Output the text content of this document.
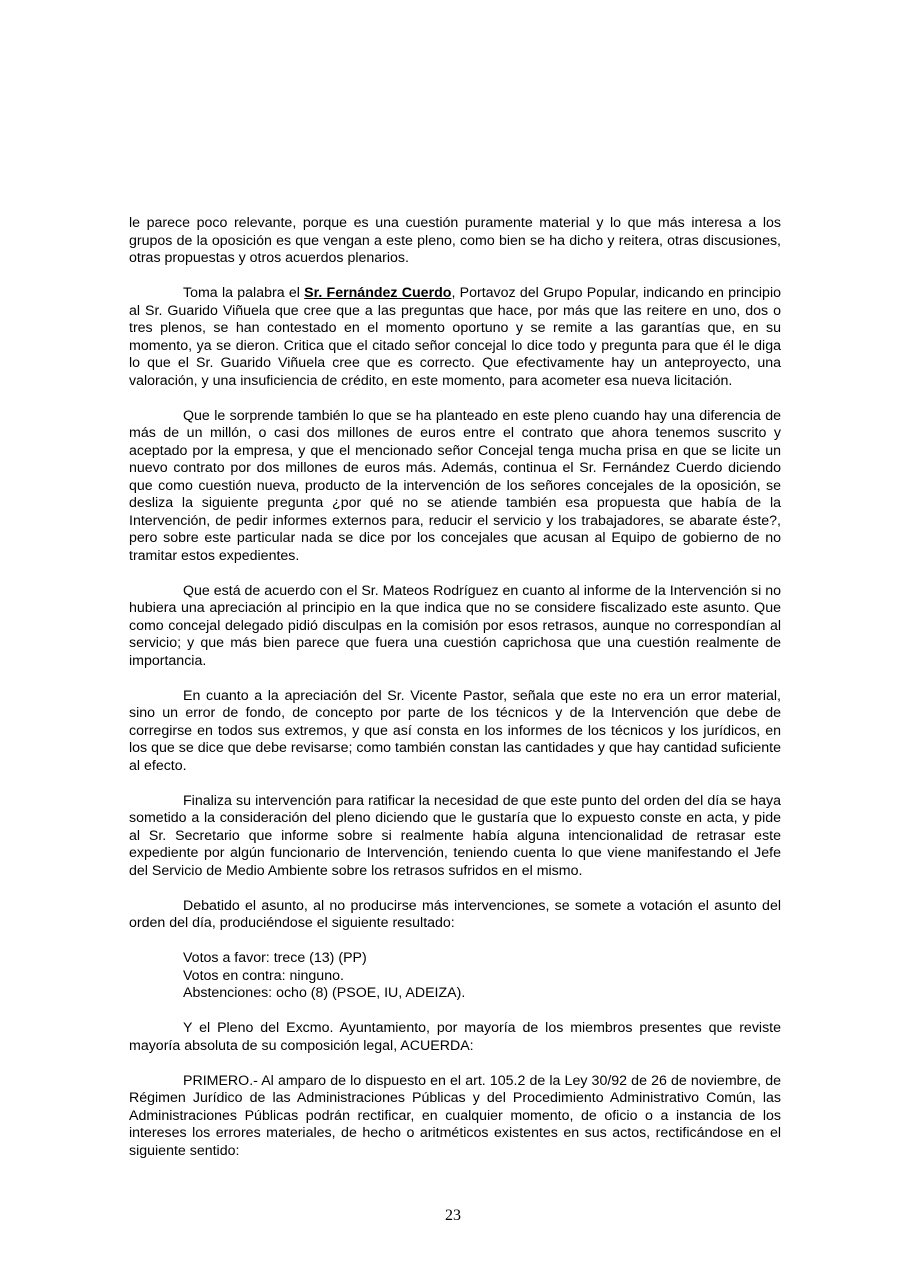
le parece poco relevante, porque es una cuestión puramente material y lo que más interesa a los grupos de la oposición es que vengan a este pleno, como bien se ha dicho y reitera, otras discusiones, otras propuestas y otros acuerdos plenarios.

Toma la palabra el Sr. Fernández Cuerdo, Portavoz del Grupo Popular, indicando en principio al Sr. Guarido Viñuela que cree que a las preguntas que hace, por más que las reitere en uno, dos o tres plenos, se han contestado en el momento oportuno y se remite a las garantías que, en su momento, ya se dieron. Critica que el citado señor concejal lo dice todo y pregunta para que él le diga lo que el Sr. Guarido Viñuela cree que es correcto. Que efectivamente hay un anteproyecto, una valoración, y una insuficiencia de crédito, en este momento, para acometer esa nueva licitación.

Que le sorprende también lo que se ha planteado en este pleno cuando hay una diferencia de más de un millón, o casi dos millones de euros entre el contrato que ahora tenemos suscrito y aceptado por la empresa, y que el mencionado señor Concejal tenga mucha prisa en que se licite un nuevo contrato por dos millones de euros más. Además, continua el Sr. Fernández Cuerdo diciendo que como cuestión nueva, producto de la intervención de los señores concejales de la oposición, se desliza la siguiente pregunta ¿por qué no se atiende también esa propuesta que había de la Intervención, de pedir informes externos para, reducir el servicio y los trabajadores, se abarate éste?, pero sobre este particular nada se dice por los concejales que acusan al Equipo de gobierno de no tramitar estos expedientes.

Que está de acuerdo con el Sr. Mateos Rodríguez en cuanto al informe de la Intervención si no hubiera una apreciación al principio en la que indica que no se considere fiscalizado este asunto. Que como concejal delegado pidió disculpas en la comisión por esos retrasos, aunque no correspondían al servicio; y que más bien parece que fuera una cuestión caprichosa que una cuestión realmente de importancia.

En cuanto a la apreciación del Sr. Vicente Pastor, señala que este no era un error material, sino un error de fondo, de concepto por parte de los técnicos y de la Intervención que debe de corregirse en todos sus extremos, y que así consta en los informes de los técnicos y los jurídicos, en los que se dice que debe revisarse; como también constan las cantidades y que hay cantidad suficiente al efecto.

Finaliza su intervención para ratificar la necesidad de que este punto del orden del día se haya sometido a la consideración del pleno diciendo que le gustaría que lo expuesto conste en acta, y pide al Sr. Secretario que informe sobre si realmente había alguna intencionalidad de retrasar este expediente por algún funcionario de Intervención, teniendo cuenta lo que viene manifestando el Jefe del Servicio de Medio Ambiente sobre los retrasos sufridos en el mismo.

Debatido el asunto, al no producirse más intervenciones, se somete a votación el asunto del orden del día, produciéndose el siguiente resultado:

Votos a favor: trece (13) (PP)
Votos en contra: ninguno.
Abstenciones: ocho (8) (PSOE, IU, ADEIZA).

Y el Pleno del Excmo. Ayuntamiento, por mayoría de los miembros presentes que reviste mayoría absoluta de su composición legal, ACUERDA:

PRIMERO.- Al amparo de lo dispuesto en el art. 105.2 de la Ley 30/92 de 26 de noviembre, de Régimen Jurídico de las Administraciones Públicas y del Procedimiento Administrativo Común, las Administraciones Públicas podrán rectificar, en cualquier momento, de oficio o a instancia de los intereses los errores materiales, de hecho o aritméticos existentes en sus actos, rectificándose en el siguiente sentido:

23
